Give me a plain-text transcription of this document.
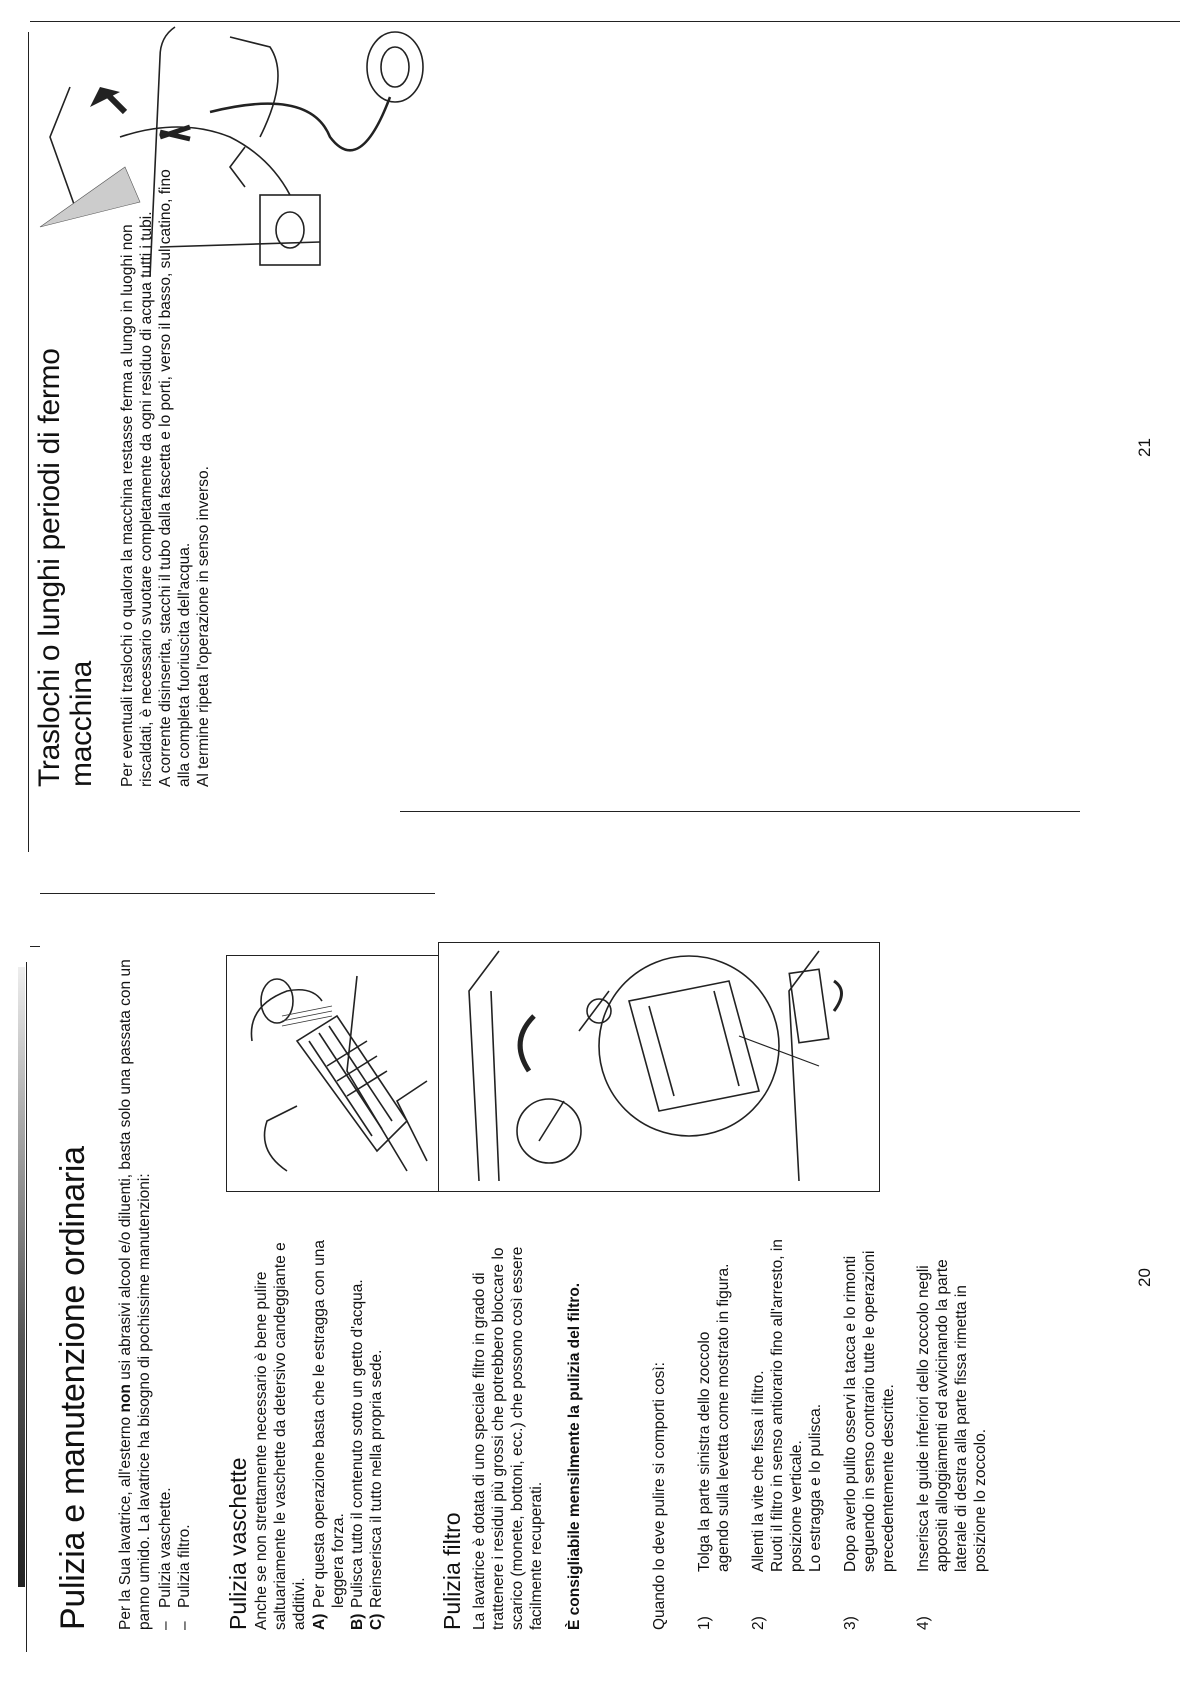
Pulizia e manutenzione ordinaria Per la Sua lavatrice, all'esterno non usi abrasivi alcool e/o diluenti, basta solo una passata con un panno umido. La lavatrice ha bisogno di pochissime manutenzioni: –
Pulizia vaschette.
–
Pulizia filtro. Pulizia vaschette Anche se non strettamente necessario è bene pulire saltuariamente le vaschette da detersivo candeggiante e additivi. A)
Per questa operazione basta che le estragga con una leggera forza.
B)
Pulisca tutto il contenuto sotto un getto d'acqua.
C)
Reinserisca il tutto nella propria sede. Pulizia filtro La lavatrice è dotata di uno speciale filtro in grado di trattenere i residui più grossi che potrebbero bloccare lo scarico (monete, bottoni, ecc.) che possono così essere facilmente recuperati. È consigliabile mensilmente la pulizia del filtro.	Quando lo deve pulire si comporti così: 1)
Tolga la parte sinistra dello zoccolo agendo sulla levetta come mostrato in figura.
2)
Allenti la vite che fissa il filtro. Ruoti il filtro in senso antiorario fino all'arresto, in posizione verticale. Lo estragga e lo pulisca.
3)
Dopo averlo pulito osservi la tacca e lo rimonti seguendo in senso contrario tutte le operazioni precedentemente descritte.
4)
Inserisca le guide inferiori dello zoccolo negli appositi alloggiamenti ed avvicinando la parte laterale di destra alla parte fissa rimetta in posizione lo zoccolo.
20
Traslochi o lunghi periodi di fermo
macchina Per eventuali traslochi o qualora la macchina restasse ferma a lungo in luoghi non riscaldati, è necessario svuotare completamente da ogni residuo di acqua tutti i tubi. A corrente disinserita, stacchi il tubo dalla fascetta e lo porti, verso il basso, sul catino, fino alla completa fuoriuscita dell'acqua. Al termine ripeta l'operazione in senso inverso.
21
